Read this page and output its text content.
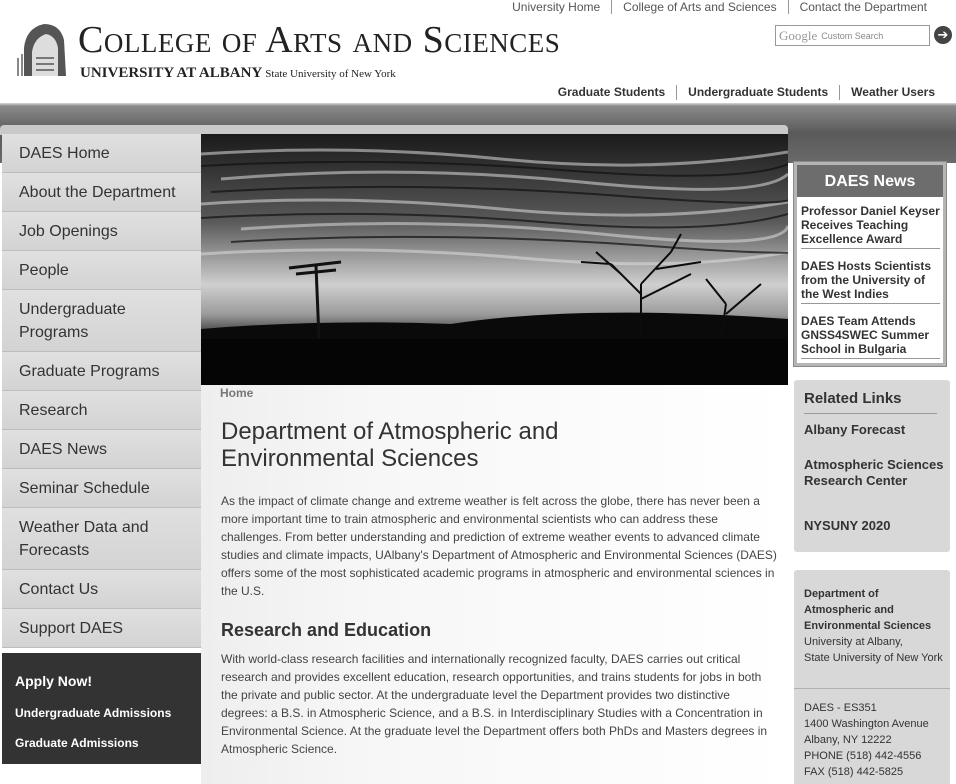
University Home	College of Arts and Sciences	Contact the Department
College of Arts and Sciences
UNIVERSITY AT ALBANY State University of New York
Google Custom Search	➔
Graduate Students	Undergraduate Students	Weather Users
DAES Home
About the Department
Job Openings
People
Undergraduate Programs
Graduate Programs
Research
DAES News
Seminar Schedule
Weather Data and Forecasts
Contact Us
Support DAES
Apply Now!
Undergraduate Admissions
Graduate Admissions
Home
Department of Atmospheric and Environmental Sciences
As the impact of climate change and extreme weather is felt across the globe, there has never been a more important time to train atmospheric and environmental scientists who can address these challenges. From better understanding and prediction of extreme weather events to advanced climate studies and climate impacts, UAlbany's Department of Atmospheric and Environmental Sciences (DAES) offers some of the most sophisticated academic programs in atmospheric and environmental sciences in the U.S.
Research and Education
With world-class research facilities and internationally recognized faculty, DAES carries out critical research and provides excellent education, research opportunities, and trains students for jobs in both the private and public sector. At the undergraduate level the Department provides two distinctive degrees: a B.S. in Atmospheric Science, and a B.S. in Interdisciplinary Studies with a Concentration in Environmental Science. At the graduate level the Department offers both PhDs and Masters degrees in Atmospheric Science.
DAES News
Professor Daniel Keyser Receives Teaching Excellence Award
DAES Hosts Scientists from the University of the West Indies
DAES Team Attends GNSS4SWEC Summer School in Bulgaria
Related Links
Albany Forecast
Atmospheric Sciences Research Center
NYSUNY 2020
Department of Atmospheric and Environmental Sciences
University at Albany,
State University of New York
DAES - ES351
1400 Washington Avenue
Albany, NY 12222
PHONE (518) 442-4556
FAX (518) 442-5825
